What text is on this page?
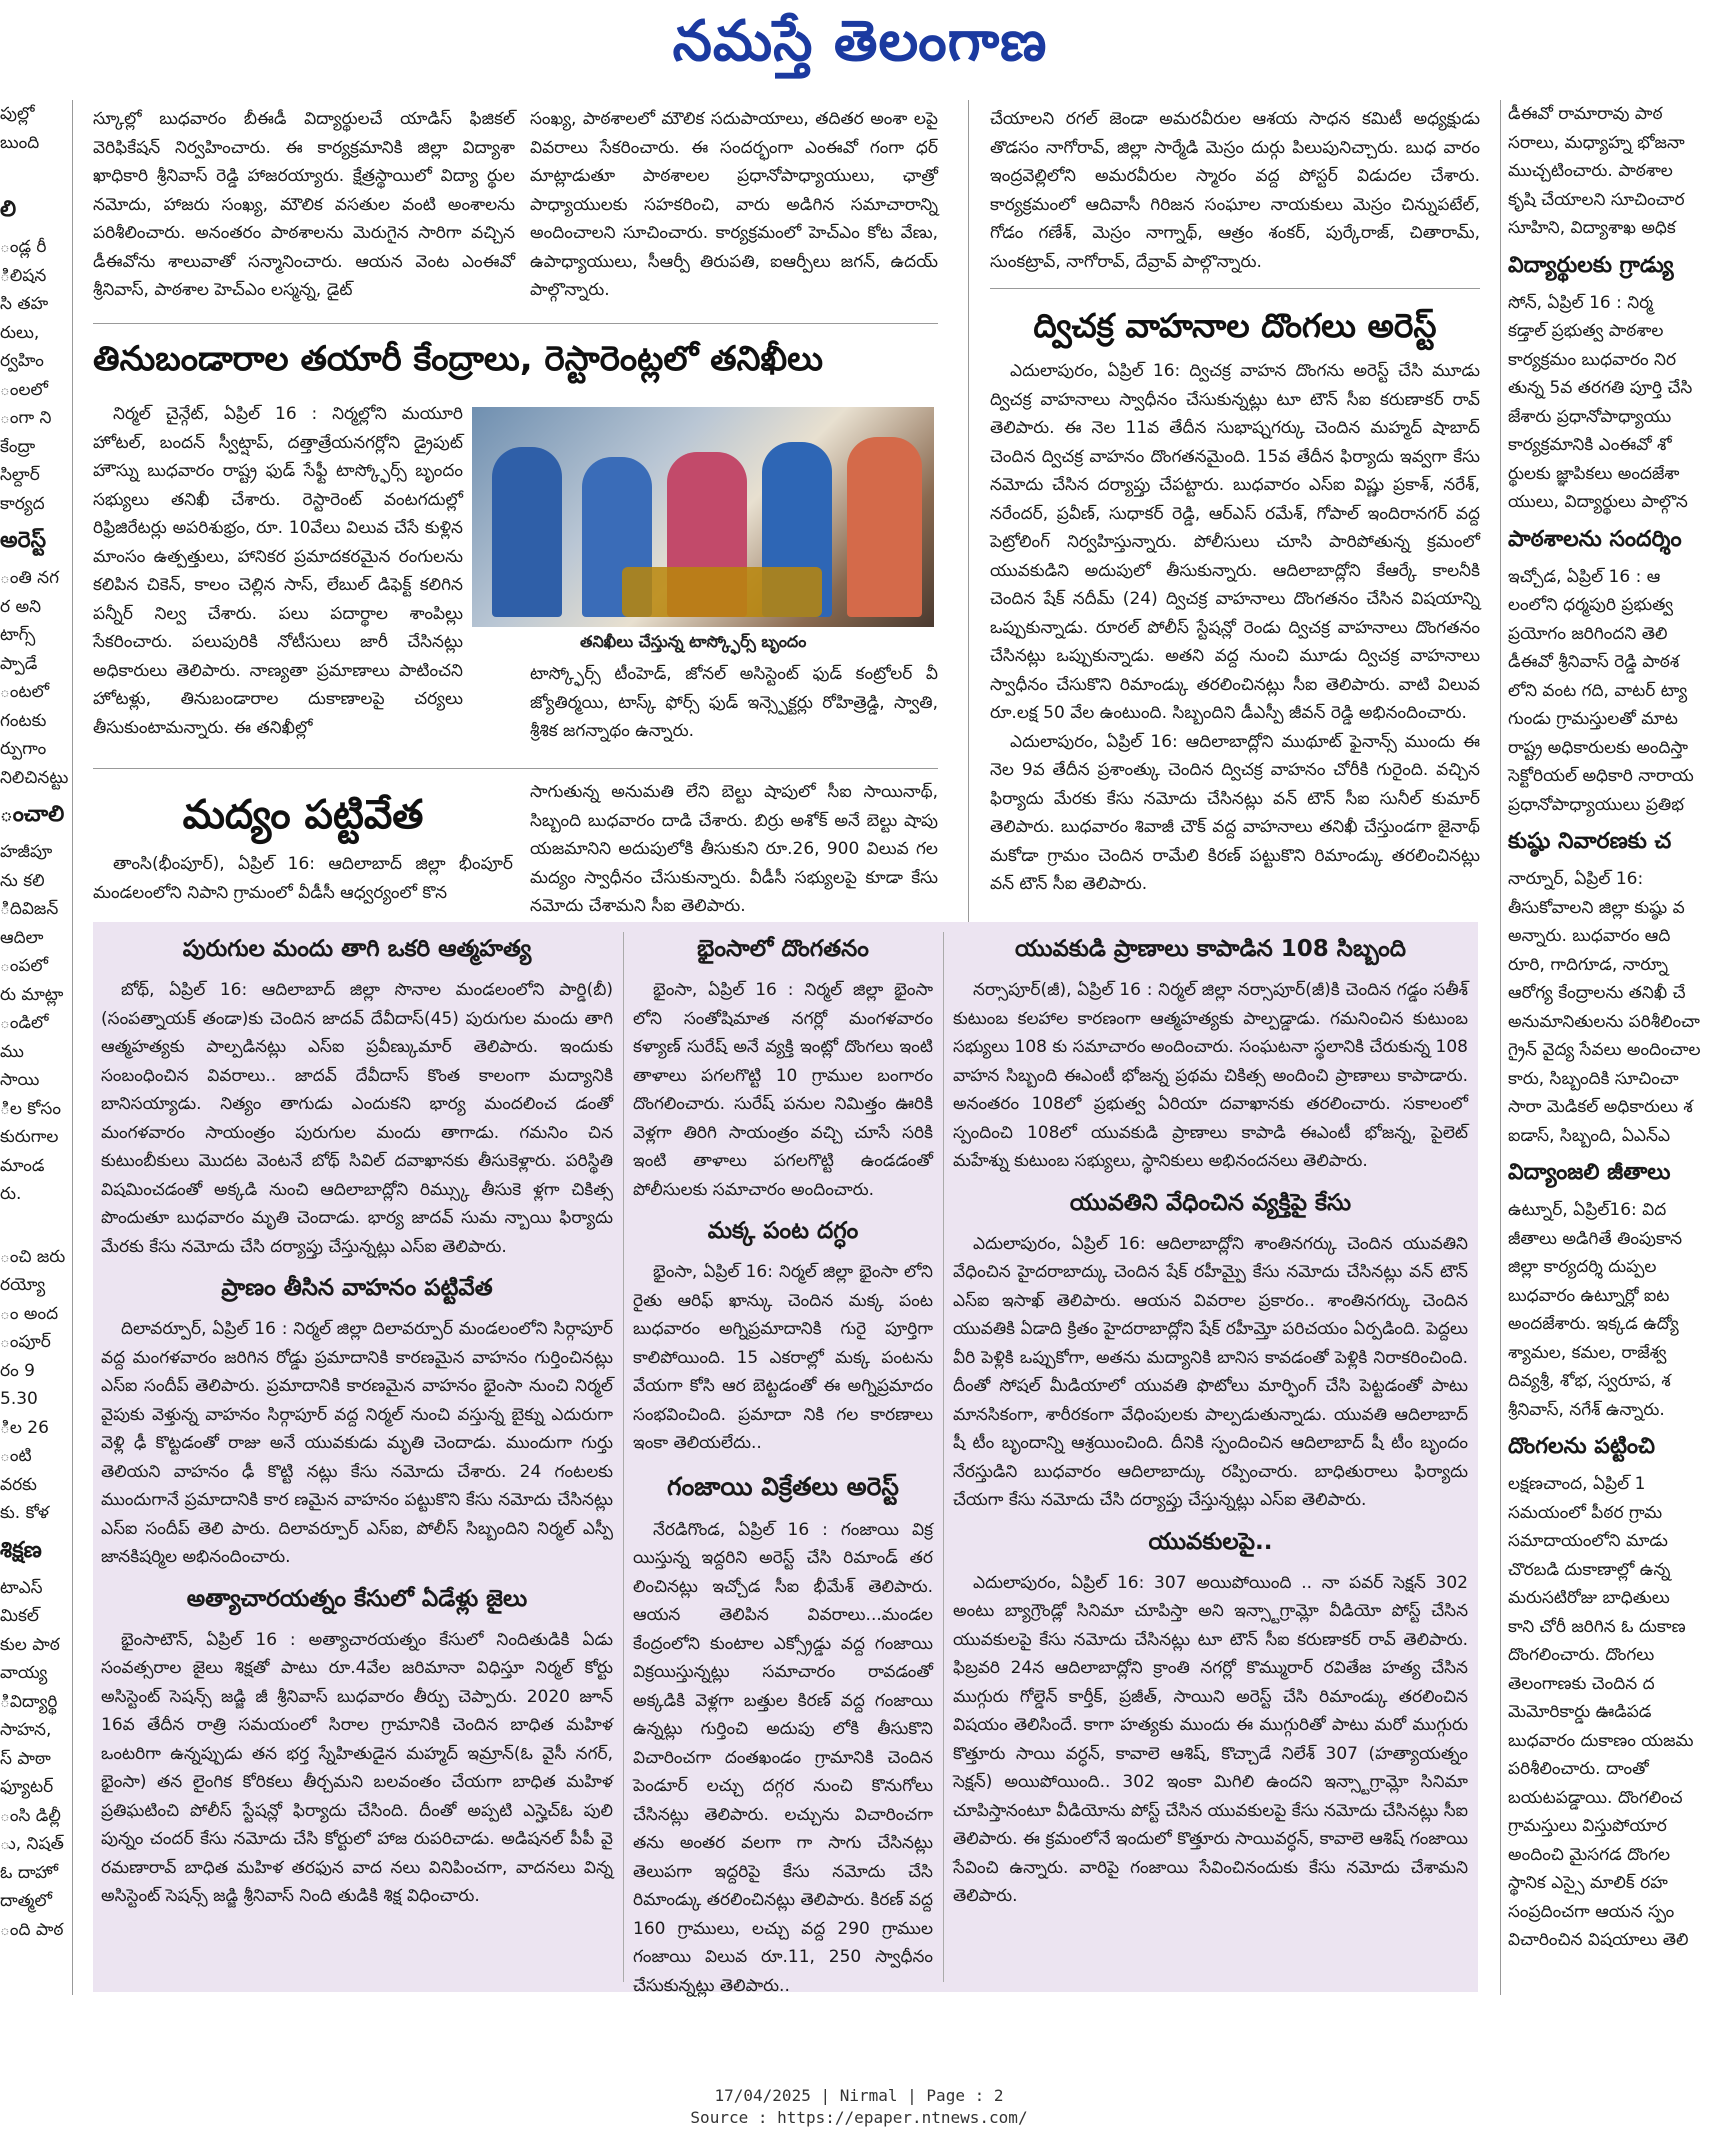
నమస్తే తెలంగాణ

పుల్లో

బుంది

లి

ండ్ల రీ

ిలిషన

సి తహ

రులు,

ర్వహిం

ంలలో

ంగా ని

కేంద్రా

సిల్దార్

కార్యద

అరెస్ట్

ంతి నగ

ర అని

టాగ్స్

ప్పాడే

ంటలో

గంటకు

ర్పుగాం

నిలిచినట్టు

ంచాలి

హజీపూ

ను కలి

ిదివిజన్

ఆదిలా

ంపలో

రు మాట్లా

ండిలో

ము సాయి

ిల కోసం

కురుగాల

మాండ

రు.

ంచి జరు

రయ్యో

ం అంద

ంపూర్

రం 9

5.30

ిల 26

ంటి వరకు

కు. కోళ

శిక్షణ

టాఎస్

మికల్

కుల పాఠ

వాయ్య

ివిద్యార్థి

సాహన,

స్ పాఠా

ఫ్యూటర్

ంసి డిల్లీ

ు, నిషత్

ఓ దాహో

దాత్మలో

ంది పాఠ

స్కూల్లో బుధవారం బీఈడీ విద్యార్థులచే యాడిస్ ఫిజికల్ వెరిఫికేషన్ నిర్వహించారు. ఈ కార్యక్రమానికి జిల్లా విద్యాశా ఖాధికారి శ్రీనివాస్ రెడ్డి హాజరయ్యారు. క్షేత్రస్థాయిలో విద్యా ర్థుల నమోదు, హాజరు సంఖ్య, మౌలిక వసతుల వంటి అంశాలను పరిశీలించారు. అనంతరం పాఠశాలను మెరుగైన సారిగా వచ్చిన డీఈవోను శాలువాతో సన్మానించారు. ఆయన వెంట ఎంఈవో శ్రీనివాస్, పాఠశాల హెచ్ఎం లస్మన్న, డైట్

సంఖ్య, పాఠశాలలో మౌలిక సదుపాయాలు, తదితర అంశా లపై వివరాలు సేకరించారు. ఈ సందర్భంగా ఎంఈవో గంగా ధర్ మాట్లాడుతూ పాఠశాలల ప్రధానోపాధ్యాయులు, ఛాత్రో పాధ్యాయులకు సహకరించి, వారు అడిగిన సమాచారాన్ని అందించాలని సూచించారు. కార్యక్రమంలో హెచ్ఎం కోట వేణు, ఉపాధ్యాయులు, సీఆర్పీ తిరుపతి, ఐఆర్పీలు జగన్, ఉదయ్ పాల్గొన్నారు.

తినుబండారాల తయారీ కేంద్రాలు, రెస్టారెంట్లలో తనిఖీలు

నిర్మల్ చైన్గేట్, ఏప్రిల్ 16 : నిర్మల్లోని మయూరి హోటల్, బందన్ స్వీట్షాప్, దత్తాత్రేయనగర్లోని డ్రైపుట్ హౌస్ను బుధవారం రాష్ట్ర ఫుడ్ సేఫ్టీ టాస్క్ఫోర్స్ బృందం సభ్యులు తనిఖీ చేశారు. రెస్టారెంట్ వంటగదుల్లో రిఫ్రిజిరేటర్లు అపరిశుభ్రం, రూ. 10వేలు విలువ చేసే కుళ్లిన మాంసం ఉత్పత్తులు, హానికర ప్రమాదకరమైన రంగులను కలిపిన చికెన్, కాలం చెల్లిన సాస్, లేబుల్ డిఫెక్ట్ కలిగిన పన్నీర్ నిల్వ చేశారు. పలు పదార్థాల శాంపిల్లు సేకరించారు. పలుపురికి నోటీసులు జారీ చేసినట్లు అధికారులు తెలిపారు. నాణ్యతా ప్రమాణాలు పాటించని హోటళ్లు, తినుబండారాల దుకాణాలపై చర్యలు తీసుకుంటామన్నారు. ఈ తనిఖీల్లో

తనిఖీలు చేస్తున్న టాస్క్ఫోర్స్ బృందం

టాస్క్ఫోర్స్ టీంహెడ్, జోనల్ అసిస్టెంట్ ఫుడ్ కంట్రోలర్ వీ జ్యోతిర్మయి, టాస్క్ ఫోర్స్ ఫుడ్ ఇన్స్పెక్టర్లు రోహిత్రెడ్డి, స్వాతి, శ్రీశిక జగన్నాథం ఉన్నారు.

మద్యం పట్టివేత

తాంసి(భీంపూర్), ఏప్రిల్ 16: ఆదిలాబాద్ జిల్లా భీంపూర్ మండలంలోని నిపాని గ్రామంలో వీడీసీ ఆధ్వర్యంలో కొన

సాగుతున్న అనుమతి లేని బెల్టు షాపులో సీఐ సాయినాథ్, సిబ్బంది బుధవారం దాడి చేశారు. బిర్రు అశోక్ అనే బెల్టు షాపు యజమానిని అదుపులోకి తీసుకుని రూ.26, 900 విలువ గల మద్యం స్వాధీనం చేసుకున్నారు. వీడీసీ సభ్యులపై కూడా కేసు నమోదు చేశామని సీఐ తెలిపారు.

చేయాలని రగల్ జెండా అమరవీరుల ఆశయ సాధన కమిటీ అధ్యక్షుడు తొడసం నాగోరావ్, జిల్లా సార్మేడి మెస్రం దుర్గు పిలుపునిచ్చారు. బుధ వారం ఇంద్రవెల్లిలోని అమరవీరుల స్మారం వద్ద పోస్టర్ విడుదల చేశారు. కార్యక్రమంలో ఆదివాసీ గిరిజన సంఘాల నాయకులు మెస్రం చిన్నుపటేల్, గోడం గణేశ్, మెస్రం నాగ్నాథ్, ఆత్రం శంకర్, పుర్కేరాజ్, చితారామ్, సుంకట్రావ్, నాగోరావ్, దేవ్రావ్ పాల్గొన్నారు.

ద్విచక్ర వాహనాల దొంగలు అరెస్ట్

ఎదులాపురం, ఏప్రిల్ 16: ద్విచక్ర వాహన దొంగను అరెస్ట్ చేసి మూడు ద్విచక్ర వాహనాలు స్వాధీనం చేసుకున్నట్లు టూ టౌన్ సీఐ కరుణాకర్ రావ్ తెలిపారు. ఈ నెల 11వ తేదీన సుభాష్నగర్కు చెందిన మహ్మద్ షాబాద్ చెందిన ద్విచక్ర వాహనం దొంగతనమైంది. 15వ తేదీన ఫిర్యాదు ఇవ్వగా కేసు నమోదు చేసిన దర్యాప్తు చేపట్టారు. బుధవారం ఎస్ఐ విష్ణు ప్రకాశ్, నరేశ్, నరేందర్, ప్రవీణ్, సుధాకర్ రెడ్డి, ఆర్ఎస్ రమేశ్, గోపాల్ ఇందిరానగర్ వద్ద పెట్రోలింగ్ నిర్వహిస్తున్నారు. పోలీసులు చూసి పారిపోతున్న క్రమంలో యువకుడిని అదుపులో తీసుకున్నారు. ఆదిలాబాద్లోని కేఆర్కే కాలనీకి చెందిన షేక్ నదీమ్ (24) ద్విచక్ర వాహనాలు దొంగతనం చేసిన విషయాన్ని ఒప్పుకున్నాడు. రూరల్ పోలీస్ స్టేషన్లో రెండు ద్విచక్ర వాహనాలు దొంగతనం చేసినట్లు ఒప్పుకున్నాడు. అతని వద్ద నుంచి మూడు ద్విచక్ర వాహనాలు స్వాధీనం చేసుకొని రిమాండ్కు తరలించినట్లు సీఐ తెలిపారు. వాటి విలువ రూ.లక్ష 50 వేల ఉంటుంది. సిబ్బందిని డీఎస్పీ జీవన్ రెడ్డి అభినందించారు.

ఎదులాపురం, ఏప్రిల్ 16: ఆదిలాబాద్లోని ముథూట్ ఫైనాన్స్ ముందు ఈ నెల 9వ తేదీన ప్రశాంత్కు చెందిన ద్విచక్ర వాహనం చోరీకి గురైంది. వచ్చిన ఫిర్యాదు మేరకు కేసు నమోదు చేసినట్లు వన్ టౌన్ సీఐ సునీల్ కుమార్ తెలిపారు. బుధవారం శివాజీ చౌక్ వద్ద వాహనాలు తనిఖీ చేస్తుండగా జైనాథ్ మకోడా గ్రామం చెందిన రామేలి కిరణ్ పట్టుకొని రిమాండ్కు తరలించినట్లు వన్ టౌన్ సీఐ తెలిపారు.

డీఈవో రామారావు పాఠ

సరాలు, మధ్యాహ్న భోజనా

ముచ్చటించారు. పాఠశాల

కృషి చేయాలని సూచించార

సూహిని, విద్యాశాఖ అధిక

విద్యార్థులకు గ్రాడ్యు

సోన్, ఏప్రిల్ 16 : నిర్మ

కడ్తాల్ ప్రభుత్వ పాఠశాల

కార్యక్రమం బుధవారం నిర

తున్న 5వ తరగతి పూర్తి చేసి

జేశారు ప్రధానోపాధ్యాయు

కార్యక్రమానికి ఎంఈవో శో

ర్థులకు జ్ఞాపికలు అందజేశా

యులు, విద్యార్థులు పాల్గొన

పాఠశాలను సందర్శిం

ఇచ్చోడ, ఏప్రిల్ 16 : ఆ

లంలోని ధర్మపురి ప్రభుత్వ

ప్రయోగం జరిగిందని తెలి

డీఈవో శ్రీనివాస్ రెడ్డి పాఠశ

లోని వంట గది, వాటర్ ట్యా

గుండు గ్రామస్తులతో మాట

రాష్ట్ర అధికారులకు అందిస్తా

సెక్టోరియల్ అధికారి నారాయ

ప్రధానోపాధ్యాయులు ప్రతిభ

కుష్ఠు నివారణకు చ

నార్నూర్, ఏప్రిల్ 16:

తీసుకోవాలని జిల్లా కుష్ఠు వ

అన్నారు. బుధవారం ఆది

రూరి, గాదిగూడ, నార్నూ

ఆరోగ్య కేంద్రాలను తనిఖీ చే

అనుమానితులను పరిశీలించా

గ్రైన్ వైద్య సేవలు అందించాల

కారు, సిబ్బందికి సూచించా

సారా మెడికల్ అధికారులు శ

ఐడాస్, సిబ్బంది, ఏఎన్ఎ

విద్యాంజలి జీతాలు

ఉట్నూర్, ఏప్రిల్16: విద

జీతాలు అడిగితే తింపుకాన

జిల్లా కార్యదర్శి దుప్పల

బుధవారం ఉట్నూర్లో ఐట

అందజేశారు. ఇక్కడ ఉద్యో

శ్యామల, కమల, రాజేశ్వ

దివ్యశ్రీ, శోభ, స్వరూప, శ

శ్రీనివాస్, నగేశ్ ఉన్నారు.

దొంగలను పట్టించి

లక్షణచాంద, ఏప్రిల్ 1

సమయంలో పీఠర గ్రామ

సమాదాయంలోని మాడు

చొరబడి దుకాణాల్లో ఉన్న

మరుసటిరోజు బాధితులు

కాని చోరీ జరిగిన ఓ దుకాణ

దొంగలించారు. దొంగలు

తెలంగాణకు చెందిన ద

మెమోరికార్డు ఊడిపడ

బుధవారం దుకాణం యజమ

పరిశీలించారు. దాంతో

బయటపడ్డాయి. దొంగలించ

గ్రామస్తులు విస్తుపోయార

అందించి మైసగడ దొంగల

స్థానిక ఎస్సై మాలిక్ రహ

సంప్రదించగా ఆయన స్పం

విచారించిన విషయాలు తెలి

పురుగుల మందు తాగి ఒకరి ఆత్మహత్య

బోథ్, ఏప్రిల్ 16: ఆదిలాబాద్ జిల్లా సొనాల మండలంలోని పార్డి(బీ) (సంపత్నాయక్ తండా)కు చెందిన జాదవ్ దేవీదాస్(45) పురుగుల మందు తాగి ఆత్మహత్యకు పాల్పడినట్లు ఎస్ఐ ప్రవీణ్కుమార్ తెలిపారు. ఇందుకు సంబంధించిన వివరాలు.. జాదవ్ దేవీదాస్ కొంత కాలంగా మద్యానికి బానిసయ్యాడు. నిత్యం తాగుడు ఎందుకని భార్య మందలించ డంతో మంగళవారం సాయంత్రం పురుగుల మందు తాగాడు. గమనిం చిన కుటుంబీకులు మొదట వెంటనే బోథ్ సివిల్ దవాఖానకు తీసుకెళ్లారు. పరిస్థితి విషమించడంతో అక్కడి నుంచి ఆదిలాబాద్లోని రిమ్స్కు తీసుకె ళ్లగా చికిత్స పొందుతూ బుధవారం మృతి చెందాడు. భార్య జాదవ్ సుమ న్బాయి ఫిర్యాదు మేరకు కేసు నమోదు చేసి దర్యాప్తు చేస్తున్నట్లు ఎస్ఐ తెలిపారు.

ప్రాణం తీసిన వాహనం పట్టివేత

దిలావర్పూర్, ఏప్రిల్ 16 : నిర్మల్ జిల్లా దిలావర్పూర్ మండలంలోని సిర్గాపూర్ వద్ద మంగళవారం జరిగిన రోడ్డు ప్రమాదానికి కారణమైన వాహనం గుర్తించినట్లు ఎస్ఐ సందీప్ తెలిపారు. ప్రమాదానికి కారణమైన వాహనం భైంసా నుంచి నిర్మల్ వైపుకు వెళ్తున్న వాహనం సిర్గాపూర్ వద్ద నిర్మల్ నుంచి వస్తున్న బైక్ను ఎదురుగా వెళ్లి ఢీ కొట్టడంతో రాజు అనే యువకుడు మృతి చెందాడు. ముందుగా గుర్తు తెలియని వాహనం ఢీ కొట్టి నట్లు కేసు నమోదు చేశారు. 24 గంటలకు ముందుగానే ప్రమాదానికి కార ణమైన వాహనం పట్టుకొని కేసు నమోదు చేసినట్లు ఎస్ఐ సందీప్ తెలి పారు. దిలావర్పూర్ ఎస్ఐ, పోలీస్ సిబ్బందిని నిర్మల్ ఎస్పీ జానకిషర్మిల అభినందించారు.

అత్యాచారయత్నం కేసులో ఏడేళ్లు జైలు

భైంసాటౌన్, ఏప్రిల్ 16 : అత్యాచారయత్నం కేసులో నిందితుడికి ఏడు సంవత్సరాల జైలు శిక్షతో పాటు రూ.4వేల జరిమానా విధిస్తూ నిర్మల్ కోర్టు అసిస్టెంట్ సెషన్స్ జడ్జి జీ శ్రీనివాస్ బుధవారం తీర్పు చెప్పారు. 2020 జూన్ 16వ తేదీన రాత్రి సమయంలో సిరాల గ్రామానికి చెందిన బాధిత మహిళ ఒంటరిగా ఉన్నప్పుడు తన భర్త స్నేహితుడైన మహ్మద్ ఇమ్రాన్(ఓ వైసీ నగర్, భైంసా) తన లైంగిక కోరికలు తీర్చమని బలవంతం చేయగా బాధిత మహిళ ప్రతిఘటించి పోలీస్ స్టేషన్లో ఫిర్యాదు చేసింది. దీంతో అప్పటి ఎస్హెచ్ఓ పులి పున్నం చందర్ కేసు నమోదు చేసి కోర్టులో హాజ రుపరిచాడు. అడిషనల్ పీపీ వై రమణారావ్ బాధిత మహిళ తరఫున వాద నలు వినిపించగా, వాదనలు విన్న అసిస్టెంట్ సెషన్స్ జడ్జి శ్రీనివాస్ నింది తుడికి శిక్ష విధించారు.

భైంసాలో దొంగతనం

భైంసా, ఏప్రిల్ 16 : నిర్మల్ జిల్లా భైంసా లోని సంతోషిమాత నగర్లో మంగళవారం కళ్యాణ్ సురేష్ అనే వ్యక్తి ఇంట్లో దొంగలు ఇంటి తాళాలు పగలగొట్టి 10 గ్రాముల బంగారం దొంగలించారు. సురేష్ పనుల నిమిత్తం ఊరికి వెళ్లగా తిరిగి సాయంత్రం వచ్చి చూసే సరికి ఇంటి తాళాలు పగలగొట్టి ఉండడంతో పోలీసులకు సమాచారం అందించారు.

మక్క పంట దగ్ధం

భైంసా, ఏప్రిల్ 16: నిర్మల్ జిల్లా భైంసా లోని రైతు ఆరిఫ్ ఖాన్కు చెందిన మక్క పంట బుధవారం అగ్నిప్రమాదానికి గురై పూర్తిగా కాలిపోయింది. 15 ఎకరాల్లో మక్క పంటను వేయగా కోసి ఆర బెట్టడంతో ఈ అగ్నిప్రమాదం సంభవించింది. ప్రమాదా నికి గల కారణాలు ఇంకా తెలియలేదు..

గంజాయి విక్రేతలు అరెస్ట్

నేరడిగొండ, ఏప్రిల్ 16 : గంజాయి విక్ర యిస్తున్న ఇద్దరిని అరెస్ట్ చేసి రిమాండ్ తర లించినట్లు ఇచ్చోడ సీఐ భీమేశ్ తెలిపారు. ఆయన తెలిపిన వివరాలు...మండల కేంద్రంలోని కుంటాల ఎక్స్రోడ్డు వద్ద గంజాయి విక్రయిస్తున్నట్లు సమాచారం రావడంతో అక్కడికి వెళ్లగా బత్తుల కిరణ్ వద్ద గంజాయి ఉన్నట్లు గుర్తించి అదుపు లోకి తీసుకొని విచారించగా దంతఖండం గ్రామానికి చెందిన పెండూర్ లచ్చు దగ్గర నుంచి కొనుగోలు చేసినట్లు తెలిపారు. లచ్చును విచారించగా తను అంతర వలగా గా సాగు చేసినట్లు తెలుపగా ఇద్దరిపై కేసు నమోదు చేసి రిమాండ్కు తరలించినట్లు తెలిపారు. కిరణ్ వద్ద 160 గ్రాములు, లచ్చు వద్ద 290 గ్రాముల గంజాయి విలువ రూ.11, 250 స్వాధీనం చేసుకున్నట్లు తెలిపారు..

యువకుడి ప్రాణాలు కాపాడిన 108 సిబ్బంది

నర్సాపూర్(జీ), ఏప్రిల్ 16 : నిర్మల్ జిల్లా నర్సాపూర్(జీ)కి చెందిన గడ్డం సతీశ్ కుటుంబ కలహాల కారణంగా ఆత్మహత్యకు పాల్పడ్డాడు. గమనించిన కుటుంబ సభ్యులు 108 కు సమాచారం అందించారు. సంఘటనా స్థలానికి చేరుకున్న 108 వాహన సిబ్బంది ఈఎంటీ భోజన్న ప్రథమ చికిత్స అందించి ప్రాణాలు కాపాడారు. అనంతరం 108లో ప్రభుత్వ ఏరియా దవాఖానకు తరలించారు. సకాలంలో స్పందించి 108లో యువకుడి ప్రాణాలు కాపాడి ఈఎంటీ భోజన్న, పైలెట్ మహేశ్ను కుటుంబ సభ్యులు, స్థానికులు అభినందనలు తెలిపారు.

యువతిని వేధించిన వ్యక్తిపై కేసు

ఎదులాపురం, ఏప్రిల్ 16: ఆదిలాబాద్లోని శాంతినగర్కు చెందిన యువతిని వేధించిన హైదరాబాద్కు చెందిన షేక్ రహీమ్పై కేసు నమోదు చేసినట్లు వన్ టౌన్ ఎస్ఐ ఇసాఖ్ తెలిపారు. ఆయన వివరాల ప్రకారం.. శాంతినగర్కు చెందిన యువతికి ఏడాది క్రితం హైదరాబాద్లోని షేక్ రహీమ్తో పరిచయం ఏర్పడింది. పెద్దలు వీరి పెళ్లికి ఒప్పుకోగా, అతను మద్యానికి బానిస కావడంతో పెళ్లికి నిరాకరించింది. దీంతో సోషల్ మీడియాలో యువతి ఫొటోలు మార్ఫింగ్ చేసి పెట్టడంతో పాటు మానసికంగా, శారీరకంగా వేధింపులకు పాల్పడుతున్నాడు. యువతి ఆదిలాబాద్ షీ టీం బృందాన్ని ఆశ్రయించింది. దీనికి స్పందించిన ఆదిలాబాద్ షీ టీం బృందం నేరస్తుడిని బుధవారం ఆదిలాబాద్కు రప్పించారు. బాధితురాలు ఫిర్యాదు చేయగా కేసు నమోదు చేసి దర్యాప్తు చేస్తున్నట్లు ఎస్ఐ తెలిపారు.

యువకులపై..

ఎదులాపురం, ఏప్రిల్ 16: 307 అయిపోయింది .. నా పవర్ సెక్షన్ 302 అంటు బ్యాగ్రౌండ్లో సినిమా చూపిస్తా అని ఇన్స్టాగ్రామ్లో వీడియో పోస్ట్ చేసిన యువకులపై కేసు నమోదు చేసినట్లు టూ టౌన్ సీఐ కరుణాకర్ రావ్ తెలిపారు. ఫిబ్రవరి 24న ఆదిలాబాద్లోని క్రాంతి నగర్లో కొమ్మురార్ రవితేజ హత్య చేసిన ముగ్గురు గోల్డెన్ కార్తీక్, ప్రజీత్, సాయిని అరెస్ట్ చేసి రిమాండ్కు తరలించిన విషయం తెలిసిందే. కాగా హత్యకు ముందు ఈ ముగ్గురితో పాటు మరో ముగ్గురు కొత్తూరు సాయి వర్ధన్, కావాలె ఆశిష్, కొచ్చాడే నిలేశ్ 307 (హత్యాయత్నం సెక్షన్) అయిపోయింది.. 302 ఇంకా మిగిలి ఉందని ఇన్స్టాగ్రామ్లో సినిమా చూపిస్తానంటూ వీడియోను పోస్ట్ చేసిన యువకులపై కేసు నమోదు చేసినట్లు సీఐ తెలిపారు. ఈ క్రమంలోనే ఇందులో కొత్తూరు సాయివర్ధన్, కావాలె ఆశిష్ గంజాయి సేవించి ఉన్నారు. వారిపై గంజాయి సేవించినందుకు కేసు నమోదు చేశామని తెలిపారు.

17/04/2025 | Nirmal | Page : 2
Source : https://epaper.ntnews.com/
